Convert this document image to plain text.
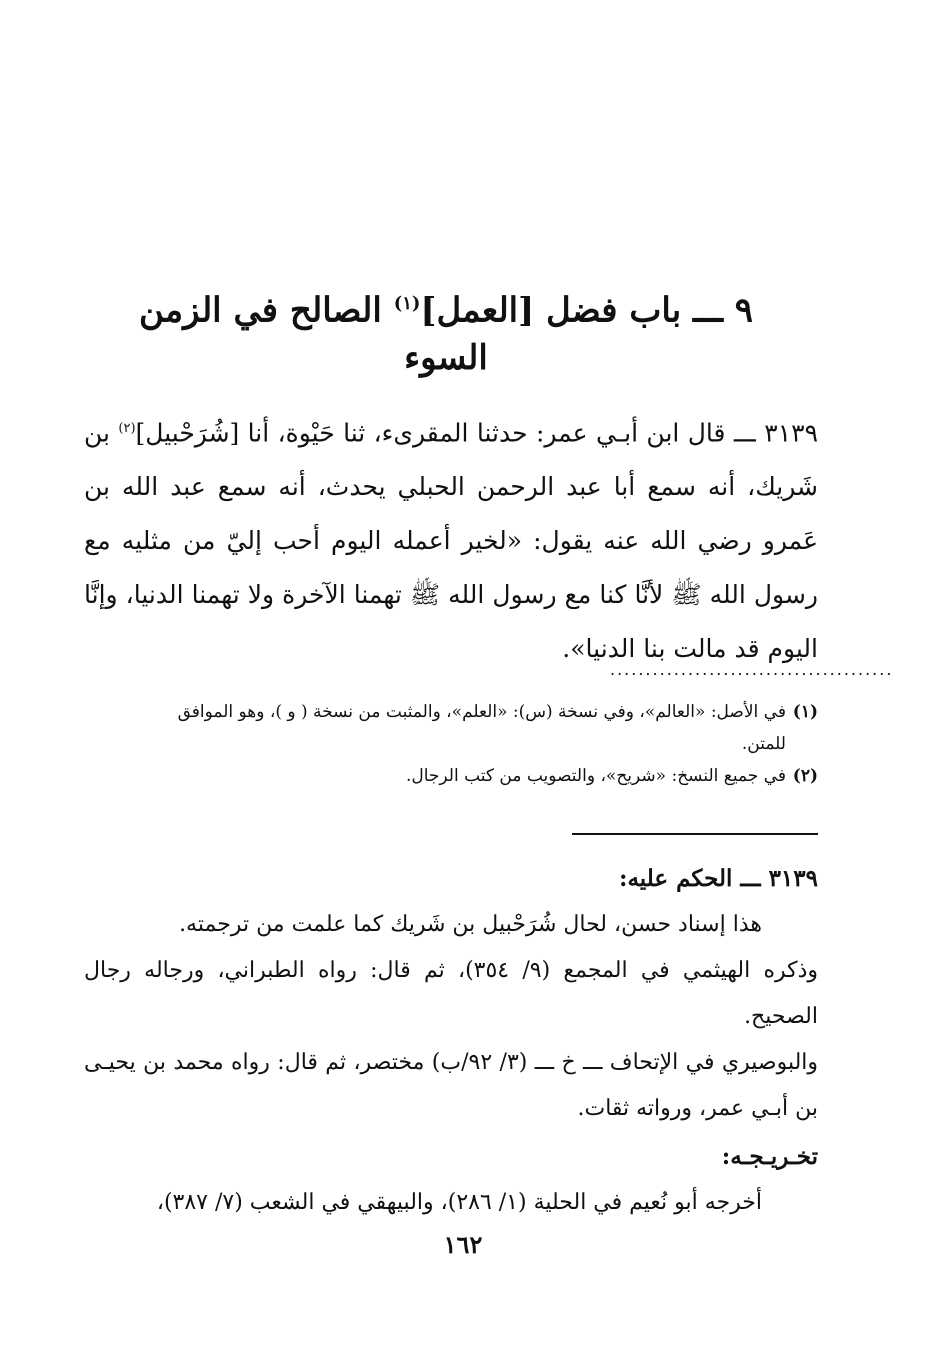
٩ ـــ باب فضل [العمل]$^{(١)}$ الصالح في الزمن السوء
٣١٣٩ ـــ قال ابن أبـي عمر: حدثنا المقرىء، ثنا حَيْوة، أنا [شُرَحْبيل]$^{(٢)}$ بن شَريك، أنه سمع أبا عبد الرحمن الحبلي يحدث، أنه سمع عبد الله بن عَمرو رضي الله عنه يقول: «لخير أعمله اليوم أحب إليّ من مثليه مع رسول الله ﷺ لأنَّا كنا مع رسول الله ﷺ تهمنا الآخرة ولا تهمنا الدنيا، وإنَّا اليوم قد مالت بنا الدنيا».
........................................
(١)في الأصل: «العالم»، وفي نسخة (س): «العلم»، والمثبت من نسخة ( و )، وهو الموافق
للمتن.
(٢)في جميع النسخ: «شريح»، والتصويب من كتب الرجال.
٣١٣٩ ـــ الحكم عليه:
هذا إسناد حسن، لحال شُرَحْبيل بن شَريك كما علمت من ترجمته.
وذكره الهيثمي في المجمع (٩/ ٣٥٤)، ثم قال: رواه الطبراني، ورجاله رجال الصحيح.
والبوصيري في الإتحاف ـــ خ ـــ (٣/ ٩٢/ب) مختصر، ثم قال: رواه محمد بن يحيـى بن أبـي عمر، ورواته ثقات.
تخـريـجـه:
أخرجه أبو نُعيم في الحلية (١/ ٢٨٦)، والبيهقي في الشعب (٧/ ٣٨٧)،
١٦٢
